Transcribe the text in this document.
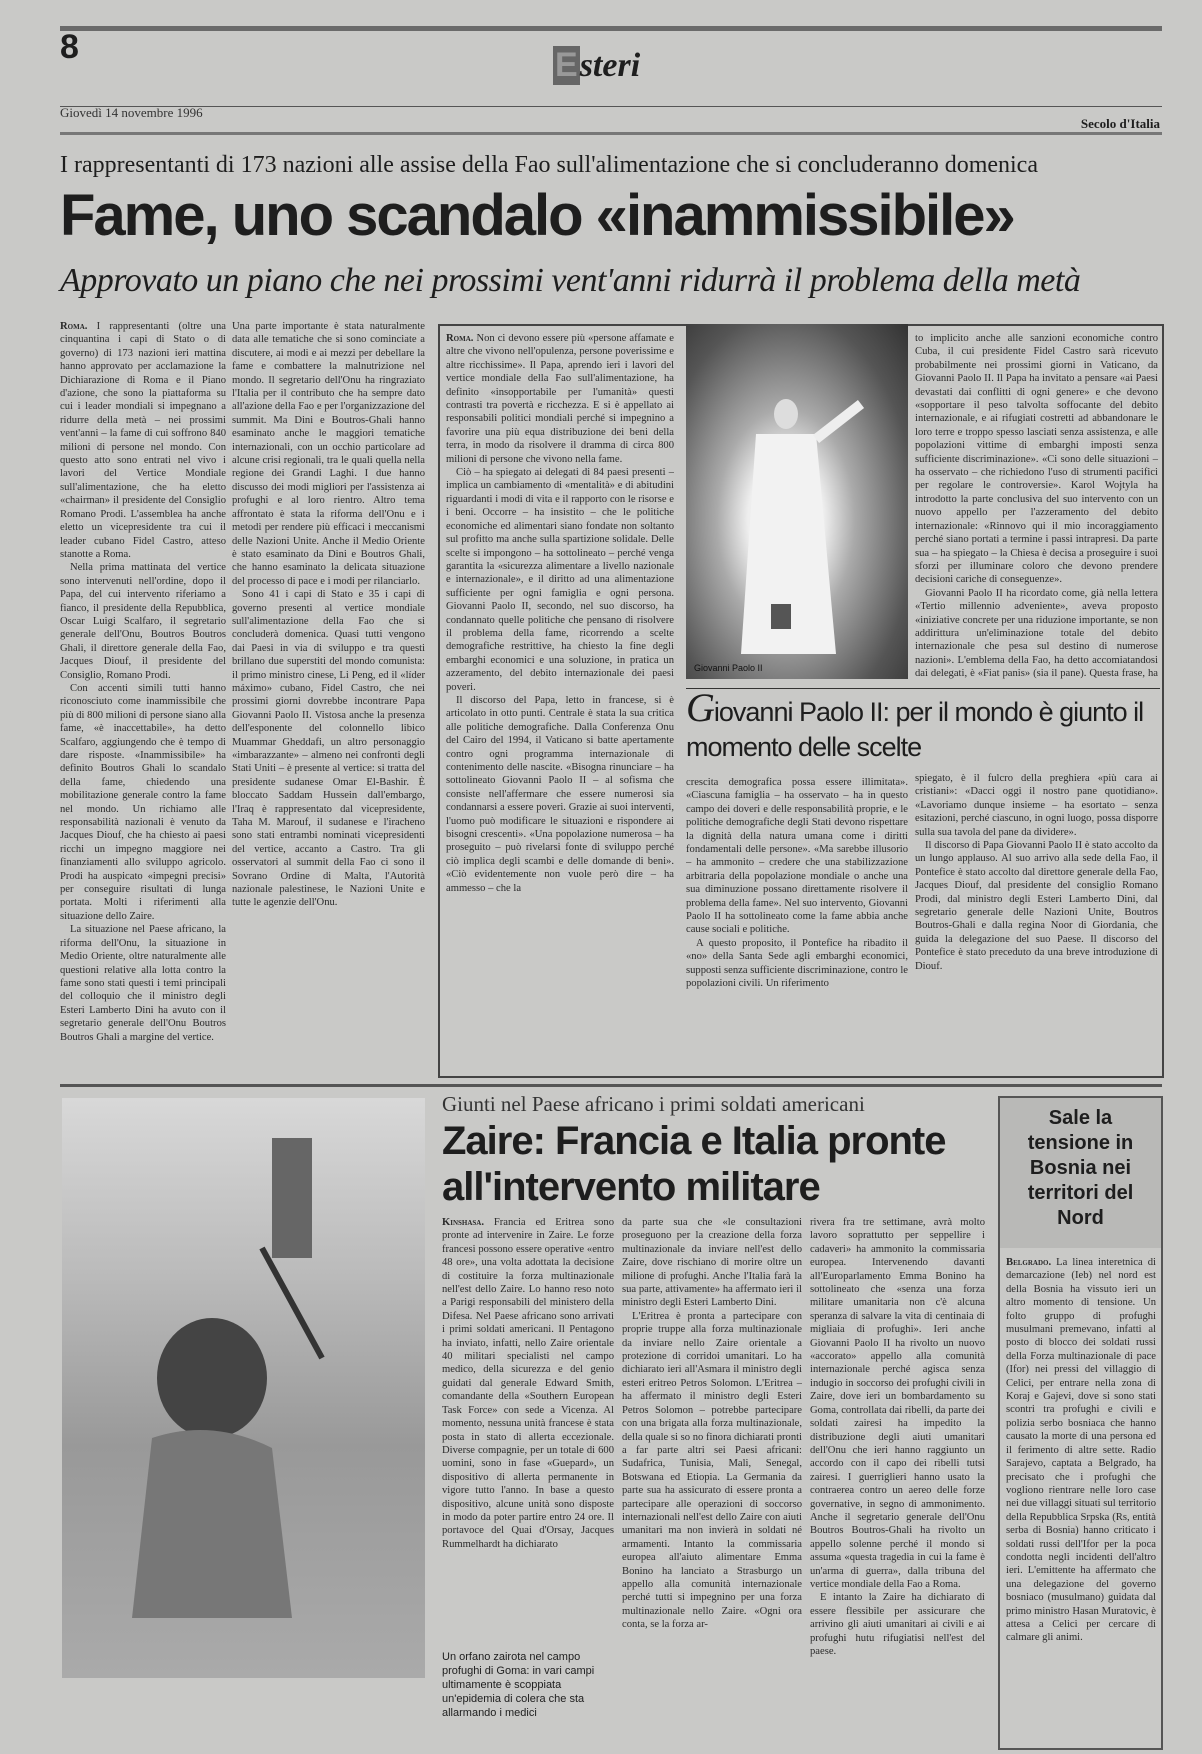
8	Esteri
Giovedì 14 novembre 1996
Secolo d'Italia
I rappresentanti di 173 nazioni alle assise della Fao sull'alimentazione che si concluderanno domenica
Fame, uno scandalo «inammissibile»
Approvato un piano che nei prossimi vent'anni ridurrà il problema della metà

Roma. I rappresentanti (oltre una cinquantina i capi di Stato o di governo) di 173 nazioni ieri mattina hanno approvato per acclamazione la Dichiarazione di Roma e il Piano d'azione, che sono la piattaforma su cui i leader mondiali si impegnano a ridurre della metà – nei prossimi vent'anni – la fame di cui soffrono 840 milioni di persone nel mondo. Con questo atto sono entrati nel vivo i lavori del Vertice Mondiale sull'alimentazione, che ha eletto «chairman» il presidente del Consiglio Romano Prodi. L'assemblea ha anche eletto un vicepresidente tra cui il leader cubano Fidel Castro, atteso stanotte a Roma.

Nella prima mattinata del vertice sono intervenuti nell'ordine, dopo il Papa, del cui intervento riferiamo a fianco, il presidente della Repubblica, Oscar Luigi Scalfaro, il segretario generale dell'Onu, Boutros Boutros Ghali, il direttore generale della Fao, Jacques Diouf, il presidente del Consiglio, Romano Prodi.

Con accenti simili tutti hanno riconosciuto come inammissibile che più di 800 milioni di persone siano alla fame, «è inaccettabile», ha detto Scalfaro, aggiungendo che è tempo di dare risposte. «Inammissibile» ha definito Boutros Ghali lo scandalo della fame, chiedendo una mobilitazione generale contro la fame nel mondo. Un richiamo alle responsabilità nazionali è venuto da Jacques Diouf, che ha chiesto ai paesi ricchi un impegno maggiore nei finanziamenti allo sviluppo agricolo. Prodi ha auspicato «impegni precisi» per conseguire risultati di lunga portata. Molti i riferimenti alla situazione dello Zaire.

La situazione nel Paese africano, la riforma dell'Onu, la situazione in Medio Oriente, oltre naturalmente alle questioni relative alla lotta contro la fame sono stati questi i temi principali del colloquio che il ministro degli Esteri Lamberto Dini ha avuto con il segretario generale dell'Onu Boutros Boutros Ghali a margine del vertice.

Una parte importante è stata naturalmente data alle tematiche che si sono cominciate a discutere, ai modi e ai mezzi per debellare la fame e combattere la malnutrizione nel mondo. Il segretario dell'Onu ha ringraziato l'Italia per il contributo che ha sempre dato all'azione della Fao e per l'organizzazione del summit. Ma Dini e Boutros-Ghali hanno esaminato anche le maggiori tematiche internazionali, con un occhio particolare ad alcune crisi regionali, tra le quali quella nella regione dei Grandi Laghi. I due hanno discusso dei modi migliori per l'assistenza ai profughi e al loro rientro. Altro tema affrontato è stata la riforma dell'Onu e i metodi per rendere più efficaci i meccanismi delle Nazioni Unite. Anche il Medio Oriente è stato esaminato da Dini e Boutros Ghali, che hanno esaminato la delicata situazione del processo di pace e i modi per rilanciarlo.

Sono 41 i capi di Stato e 35 i capi di governo presenti al vertice mondiale sull'alimentazione della Fao che si concluderà domenica. Quasi tutti vengono dai Paesi in via di sviluppo e tra questi brillano due superstiti del mondo comunista: il primo ministro cinese, Li Peng, ed il «líder máximo» cubano, Fidel Castro, che nei prossimi giorni dovrebbe incontrare Papa Giovanni Paolo II. Vistosa anche la presenza dell'esponente del colonnello libico Muammar Gheddafi, un altro personaggio «imbarazzante» – almeno nei confronti degli Stati Uniti – è presente al vertice: si tratta del presidente sudanese Omar El-Bashir. È bloccato Saddam Hussein dall'embargo, l'Iraq è rappresentato dal vicepresidente, Taha M. Marouf, il sudanese e l'iracheno sono stati entrambi nominati vicepresidenti del vertice, accanto a Castro. Tra gli osservatori al summit della Fao ci sono il Sovrano Ordine di Malta, l'Autorità nazionale palestinese, le Nazioni Unite e tutte le agenzie dell'Onu.

Roma. Non ci devono essere più «persone affamate e altre che vivono nell'opulenza, persone poverissime e altre ricchissime». Il Papa, aprendo ieri i lavori del vertice mondiale della Fao sull'alimentazione, ha definito «insopportabile per l'umanità» questi contrasti tra povertà e ricchezza. E si è appellato ai responsabili politici mondiali perché si impegnino a favorire una più equa distribuzione dei beni della terra, in modo da risolvere il dramma di circa 800 milioni di persone che vivono nella fame.

Ciò – ha spiegato ai delegati di 84 paesi presenti – implica un cambiamento di «mentalità» e di abitudini riguardanti i modi di vita e il rapporto con le risorse e i beni. Occorre – ha insistito – che le politiche economiche ed alimentari siano fondate non soltanto sul profitto ma anche sulla spartizione solidale. Delle scelte si impongono – ha sottolineato – perché venga garantita la «sicurezza alimentare a livello nazionale e internazionale», e il diritto ad una alimentazione sufficiente per ogni famiglia e ogni persona. Giovanni Paolo II, secondo, nel suo discorso, ha condannato quelle politiche che pensano di risolvere il problema della fame, ricorrendo a scelte demografiche restrittive, ha chiesto la fine degli embarghi economici e una soluzione, in pratica un azzeramento, del debito internazionale dei paesi poveri.

Il discorso del Papa, letto in francese, si è articolato in otto punti. Centrale è stata la sua critica alle politiche demografiche. Dalla Conferenza Onu del Cairo del 1994, il Vaticano si batte apertamente contro ogni programma internazionale di contenimento delle nascite. «Bisogna rinunciare – ha sottolineato Giovanni Paolo II – al sofisma che consiste nell'affermare che essere numerosi sia condannarsi a essere poveri. Grazie ai suoi interventi, l'uomo può modificare le situazioni e rispondere ai bisogni crescenti». «Una popolazione numerosa – ha proseguito – può rivelarsi fonte di sviluppo perché ciò implica degli scambi e delle domande di beni». «Ciò evidentemente non vuole però dire – ha ammesso – che la

Giovanni Paolo II
Giovanni Paolo II: per il mondo è giunto il momento delle scelte

crescita demografica possa essere illimitata». «Ciascuna famiglia – ha osservato – ha in questo campo dei doveri e delle responsabilità proprie, e le politiche demografiche degli Stati devono rispettare la dignità della natura umana come i diritti fondamentali delle persone». «Ma sarebbe illusorio – ha ammonito – credere che una stabilizzazione arbitraria della popolazione mondiale o anche una sua diminuzione possano direttamente risolvere il problema della fame». Nel suo intervento, Giovanni Paolo II ha sottolineato come la fame abbia anche cause sociali e politiche.

A questo proposito, il Pontefice ha ribadito il «no» della Santa Sede agli embarghi economici, supposti senza sufficiente discriminazione, contro le popolazioni civili. Un riferimento

to implicito anche alle sanzioni economiche contro Cuba, il cui presidente Fidel Castro sarà ricevuto probabilmente nei prossimi giorni in Vaticano, da Giovanni Paolo II. Il Papa ha invitato a pensare «ai Paesi devastati dai conflitti di ogni genere» e che devono «sopportare il peso talvolta soffocante del debito internazionale, e ai rifugiati costretti ad abbandonare le loro terre e troppo spesso lasciati senza assistenza, e alle popolazioni vittime di embarghi imposti senza sufficiente discriminazione». «Ci sono delle situazioni – ha osservato – che richiedono l'uso di strumenti pacifici per regolare le controversie». Karol Wojtyla ha introdotto la parte conclusiva del suo intervento con un nuovo appello per l'azzeramento del debito internazionale: «Rinnovo qui il mio incoraggiamento perché siano portati a termine i passi intrapresi. Da parte sua – ha spiegato – la Chiesa è decisa a proseguire i suoi sforzi per illuminare coloro che devono prendere decisioni cariche di conseguenze».

Giovanni Paolo II ha ricordato come, già nella lettera «Tertio millennio adveniente», aveva proposto «iniziative concrete per una riduzione importante, se non addirittura un'eliminazione totale del debito internazionale che pesa sul destino di numerose nazioni». L'emblema della Fao, ha detto accomiatandosi dai delegati, è «Fiat panis» (sia il pane). Questa frase, ha spiegato, è il fulcro della preghiera «più cara ai cristiani»: «Dacci oggi il nostro pane quotidiano». «Lavoriamo dunque insieme – ha esortato – senza esitazioni, perché ciascuno, in ogni luogo, possa disporre sulla sua tavola del pane da dividere».

Il discorso di Papa Giovanni Paolo II è stato accolto da un lungo applauso. Al suo arrivo alla sede della Fao, il Pontefice è stato accolto dal direttore generale della Fao, Jacques Diouf, dal presidente del consiglio Romano Prodi, dal ministro degli Esteri Lamberto Dini, dal segretario generale delle Nazioni Unite, Boutros Boutros-Ghali e dalla regina Noor di Giordania, che guida la delegazione del suo Paese. Il discorso del Pontefice è stato preceduto da una breve introduzione di Diouf.

Giunti nel Paese africano i primi soldati americani
Zaire: Francia e Italia pronte all'intervento militare

Kinshasa. Francia ed Eritrea sono pronte ad intervenire in Zaire. Le forze francesi possono essere operative «entro 48 ore», una volta adottata la decisione di costituire la forza multinazionale nell'est dello Zaire. Lo hanno reso noto a Parigi responsabili del ministero della Difesa. Nel Paese africano sono arrivati i primi soldati americani. Il Pentagono ha inviato, infatti, nello Zaire orientale 40 militari specialisti nel campo medico, della sicurezza e del genio guidati dal generale Edward Smith, comandante della «Southern European Task Force» con sede a Vicenza. Al momento, nessuna unità francese è stata posta in stato di allerta eccezionale. Diverse compagnie, per un totale di 600 uomini, sono in fase «Guepard», un dispositivo di allerta permanente in vigore tutto l'anno. In base a questo dispositivo, alcune unità sono disposte in modo da poter partire entro 24 ore. Il portavoce del Quai d'Orsay, Jacques Rummelhardt ha dichiarato

Un orfano zairota nel campo profughi di Goma: in vari campi ultimamente è scoppiata un'epidemia di colera che sta allarmando i medici

da parte sua che «le consultazioni proseguono per la creazione della forza multinazionale da inviare nell'est dello Zaire, dove rischiano di morire oltre un milione di profughi. Anche l'Italia farà la sua parte, attivamente» ha affermato ieri il ministro degli Esteri Lamberto Dini.

L'Eritrea è pronta a partecipare con proprie truppe alla forza multinazionale da inviare nello Zaire orientale a protezione di corridoi umanitari. Lo ha dichiarato ieri all'Asmara il ministro degli esteri eritreo Petros Solomon. L'Eritrea – ha affermato il ministro degli Esteri Petros Solomon – potrebbe partecipare con una brigata alla forza multinazionale, della quale si so no finora dichiarati pronti a far parte altri sei Paesi africani: Sudafrica, Tunisia, Mali, Senegal, Botswana ed Etiopia. La Germania da parte sua ha assicurato di essere pronta a partecipare alle operazioni di soccorso internazionali nell'est dello Zaire con aiuti umanitari ma non invierà in soldati né armamenti. Intanto la commissaria europea all'aiuto alimentare Emma Bonino ha lanciato a Strasburgo un appello alla comunità internazionale perché tutti si impegnino per una forza multinazionale nello Zaire. «Ogni ora conta, se la forza ar-

rivera fra tre settimane, avrà molto lavoro soprattutto per seppellire i cadaveri» ha ammonito la commissaria europea. Intervenendo davanti all'Europarlamento Emma Bonino ha sottolineato che «senza una forza militare umanitaria non c'è alcuna speranza di salvare la vita di centinaia di migliaia di profughi». Ieri anche Giovanni Paolo II ha rivolto un nuovo «accorato» appello alla comunità internazionale perché agisca senza indugio in soccorso dei profughi civili in Zaire, dove ieri un bombardamento su Goma, controllata dai ribelli, da parte dei soldati zairesi ha impedito la distribuzione degli aiuti umanitari dell'Onu che ieri hanno raggiunto un accordo con il capo dei ribelli tutsi zairesi. I guerriglieri hanno usato la contraerea contro un aereo delle forze governative, in segno di ammonimento. Anche il segretario generale dell'Onu Boutros Boutros-Ghali ha rivolto un appello solenne perché il mondo si assuma «questa tragedia in cui la fame è un'arma di guerra», dalla tribuna del vertice mondiale della Fao a Roma.

E intanto la Zaire ha dichiarato di essere flessibile per assicurare che arrivino gli aiuti umanitari ai civili e ai profughi hutu rifugiatisi nell'est del paese.

Sale la tensione in Bosnia nei territori del Nord

Belgrado. La linea interetnica di demarcazione (Ieb) nel nord est della Bosnia ha vissuto ieri un altro momento di tensione. Un folto gruppo di profughi musulmani premevano, infatti al posto di blocco dei soldati russi della Forza multinazionale di pace (Ifor) nei pressi del villaggio di Celici, per entrare nella zona di Koraj e Gajevi, dove si sono stati scontri tra profughi e civili e polizia serbo bosniaca che hanno causato la morte di una persona ed il ferimento di altre sette. Radio Sarajevo, captata a Belgrado, ha precisato che i profughi che vogliono rientrare nelle loro case nei due villaggi situati sul territorio della Repubblica Srpska (Rs, entità serba di Bosnia) hanno criticato i soldati russi dell'Ifor per la poca condotta negli incidenti dell'altro ieri. L'emittente ha affermato che una delegazione del governo bosniaco (musulmano) guidata dal primo ministro Hasan Muratovic, è attesa a Celici per cercare di calmare gli animi.
